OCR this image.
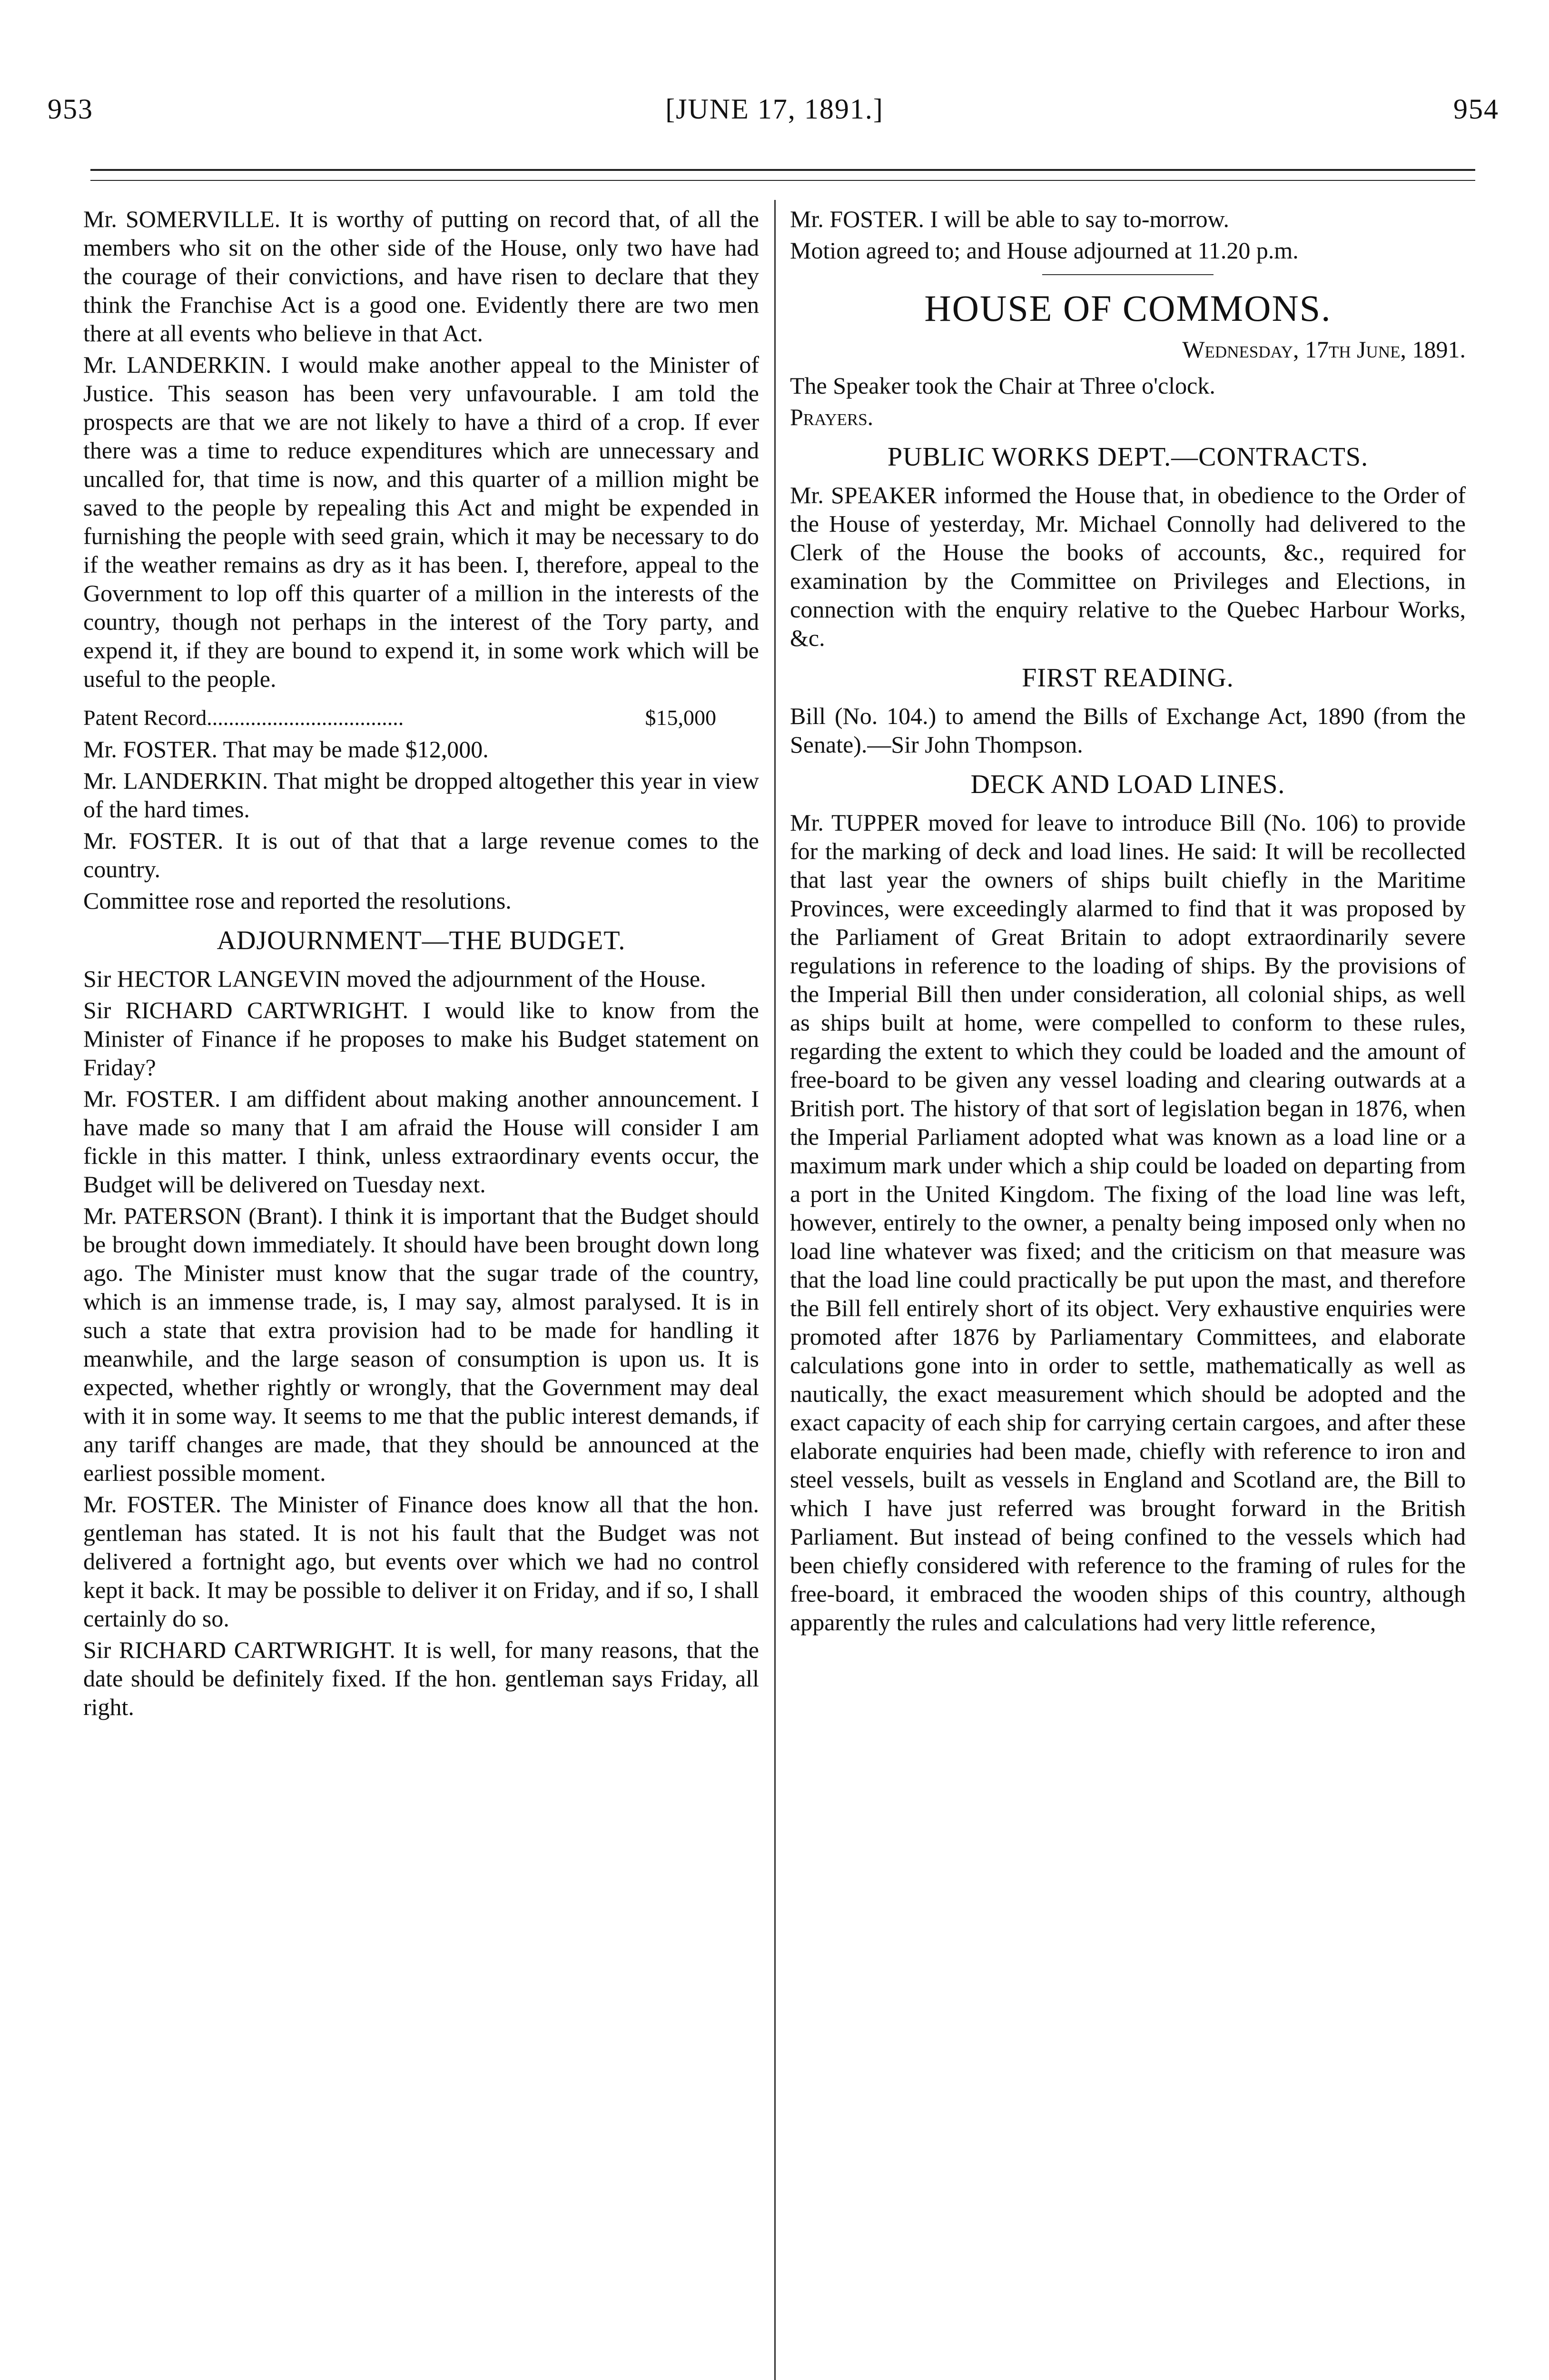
[JUNE 17, 1891.]
953	954

Mr. SOMERVILLE. It is worthy of putting on record that, of all the members who sit on the other side of the House, only two have had the courage of their convictions, and have risen to declare that they think the Franchise Act is a good one. Evidently there are two men there at all events who believe in that Act.

Mr. LANDERKIN. I would make another appeal to the Minister of Justice. This season has been very unfavourable. I am told the prospects are that we are not likely to have a third of a crop. If ever there was a time to reduce expenditures which are unnecessary and uncalled for, that time is now, and this quarter of a million might be saved to the people by repealing this Act and might be expended in furnishing the people with seed grain, which it may be necessary to do if the weather remains as dry as it has been. I, therefore, appeal to the Government to lop off this quarter of a million in the interests of the country, though not perhaps in the interest of the Tory party, and expend it, if they are bound to expend it, in some work which will be useful to the people.

Patent Record....................................	$15,000

Mr. FOSTER. That may be made $12,000.

Mr. LANDERKIN. That might be dropped altogether this year in view of the hard times.

Mr. FOSTER. It is out of that that a large revenue comes to the country.

Committee rose and reported the resolutions.

ADJOURNMENT—THE BUDGET.

Sir HECTOR LANGEVIN moved the adjournment of the House.

Sir RICHARD CARTWRIGHT. I would like to know from the Minister of Finance if he proposes to make his Budget statement on Friday?

Mr. FOSTER. I am diffident about making another announcement. I have made so many that I am afraid the House will consider I am fickle in this matter. I think, unless extraordinary events occur, the Budget will be delivered on Tuesday next.

Mr. PATERSON (Brant). I think it is important that the Budget should be brought down immediately. It should have been brought down long ago. The Minister must know that the sugar trade of the country, which is an immense trade, is, I may say, almost paralysed. It is in such a state that extra provision had to be made for handling it meanwhile, and the large season of consumption is upon us. It is expected, whether rightly or wrongly, that the Government may deal with it in some way. It seems to me that the public interest demands, if any tariff changes are made, that they should be announced at the earliest possible moment.

Mr. FOSTER. The Minister of Finance does know all that the hon. gentleman has stated. It is not his fault that the Budget was not delivered a fortnight ago, but events over which we had no control kept it back. It may be possible to deliver it on Friday, and if so, I shall certainly do so.

Sir RICHARD CARTWRIGHT. It is well, for many reasons, that the date should be definitely fixed. If the hon. gentleman says Friday, all right.

Mr. FOSTER. I will be able to say to-morrow.

Motion agreed to; and House adjourned at 11.20 p.m.

HOUSE OF COMMONS.
Wednesday, 17th June, 1891.

The Speaker took the Chair at Three o'clock.

Prayers.

PUBLIC WORKS DEPT.—CONTRACTS.

Mr. SPEAKER informed the House that, in obedience to the Order of the House of yesterday, Mr. Michael Connolly had delivered to the Clerk of the House the books of accounts, &c., required for examination by the Committee on Privileges and Elections, in connection with the enquiry relative to the Quebec Harbour Works, &c.

FIRST READING.

Bill (No. 104.) to amend the Bills of Exchange Act, 1890 (from the Senate).—Sir John Thompson.

DECK AND LOAD LINES.

Mr. TUPPER moved for leave to introduce Bill (No. 106) to provide for the marking of deck and load lines. He said: It will be recollected that last year the owners of ships built chiefly in the Maritime Provinces, were exceedingly alarmed to find that it was proposed by the Parliament of Great Britain to adopt extraordinarily severe regulations in reference to the loading of ships. By the provisions of the Imperial Bill then under consideration, all colonial ships, as well as ships built at home, were compelled to conform to these rules, regarding the extent to which they could be loaded and the amount of free-board to be given any vessel loading and clearing outwards at a British port. The history of that sort of legislation began in 1876, when the Imperial Parliament adopted what was known as a load line or a maximum mark under which a ship could be loaded on departing from a port in the United Kingdom. The fixing of the load line was left, however, entirely to the owner, a penalty being imposed only when no load line whatever was fixed; and the criticism on that measure was that the load line could practically be put upon the mast, and therefore the Bill fell entirely short of its object. Very exhaustive enquiries were promoted after 1876 by Parliamentary Committees, and elaborate calculations gone into in order to settle, mathematically as well as nautically, the exact measurement which should be adopted and the exact capacity of each ship for carrying certain cargoes, and after these elaborate enquiries had been made, chiefly with reference to iron and steel vessels, built as vessels in England and Scotland are, the Bill to which I have just referred was brought forward in the British Parliament. But instead of being confined to the vessels which had been chiefly considered with reference to the framing of rules for the free-board, it embraced the wooden ships of this country, although apparently the rules and calculations had very little reference,
